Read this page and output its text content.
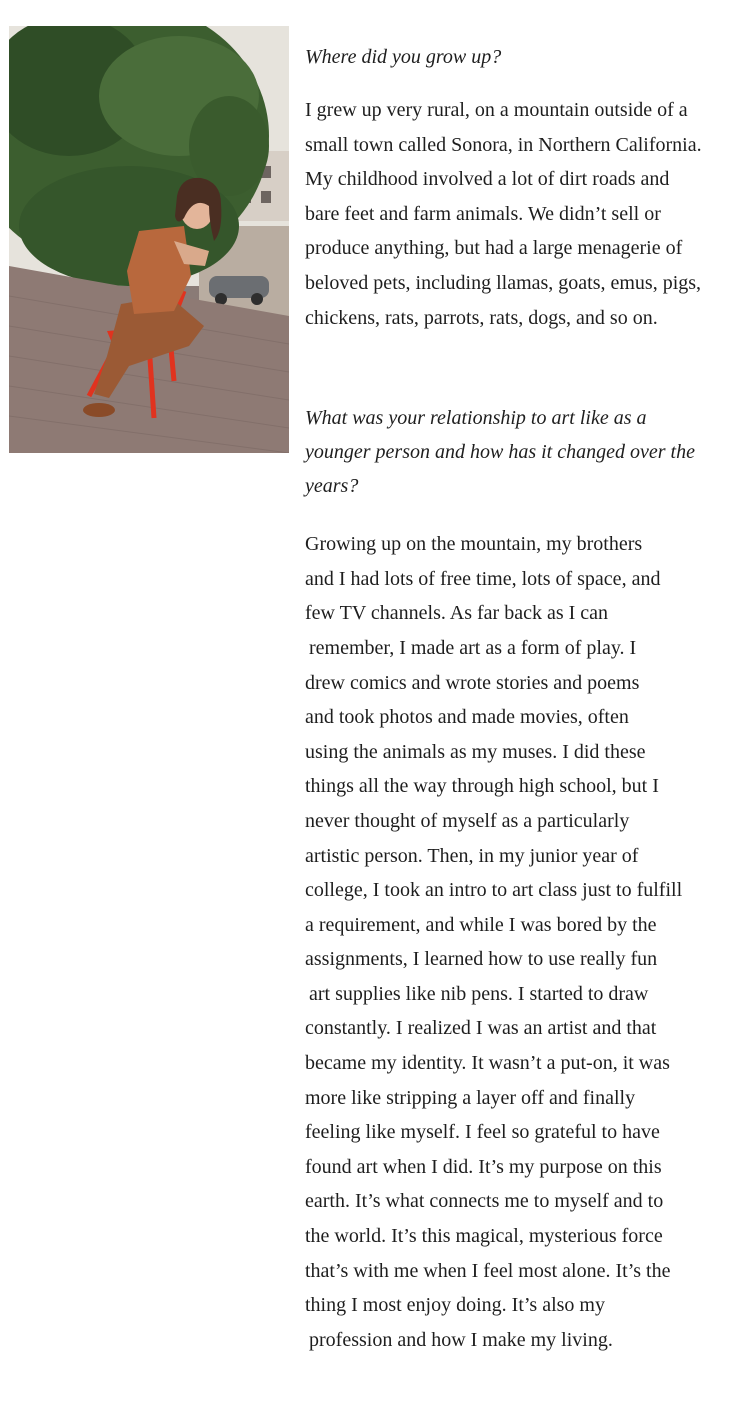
Where did you grow up?

I grew up very rural, on a mountain outside of a
small town called Sonora, in Northern California.
My childhood involved a lot of dirt roads and
bare feet and farm animals. We didn’t sell or
produce anything, but had a large menagerie of
beloved pets, including llamas, goats, emus, pigs,
chickens, rats, parrots, rats, dogs, and so on.

What was your relationship to art like as a
younger person and how has it changed over the
years?

Growing up on the mountain, my brothers
and I had lots of free time, lots of space, and
few TV channels. As far back as I can
remember, I made art as a form of play. I
drew comics and wrote stories and poems
and took photos and made movies, often
using the animals as my muses. I did these
things all the way through high school, but I
never thought of myself as a particularly
artistic person. Then, in my junior year of
college, I took an intro to art class just to fulfill
a requirement, and while I was bored by the
assignments, I learned how to use really fun
art supplies like nib pens. I started to draw
constantly. I realized I was an artist and that
became my identity. It wasn’t a put-on, it was
more like stripping a layer off and finally
feeling like myself. I feel so grateful to have
found art when I did. It’s my purpose on this
earth. It’s what connects me to myself and to
the world. It’s this magical, mysterious force
that’s with me when I feel most alone. It’s the
thing I most enjoy doing. It’s also my
profession and how I make my living.
